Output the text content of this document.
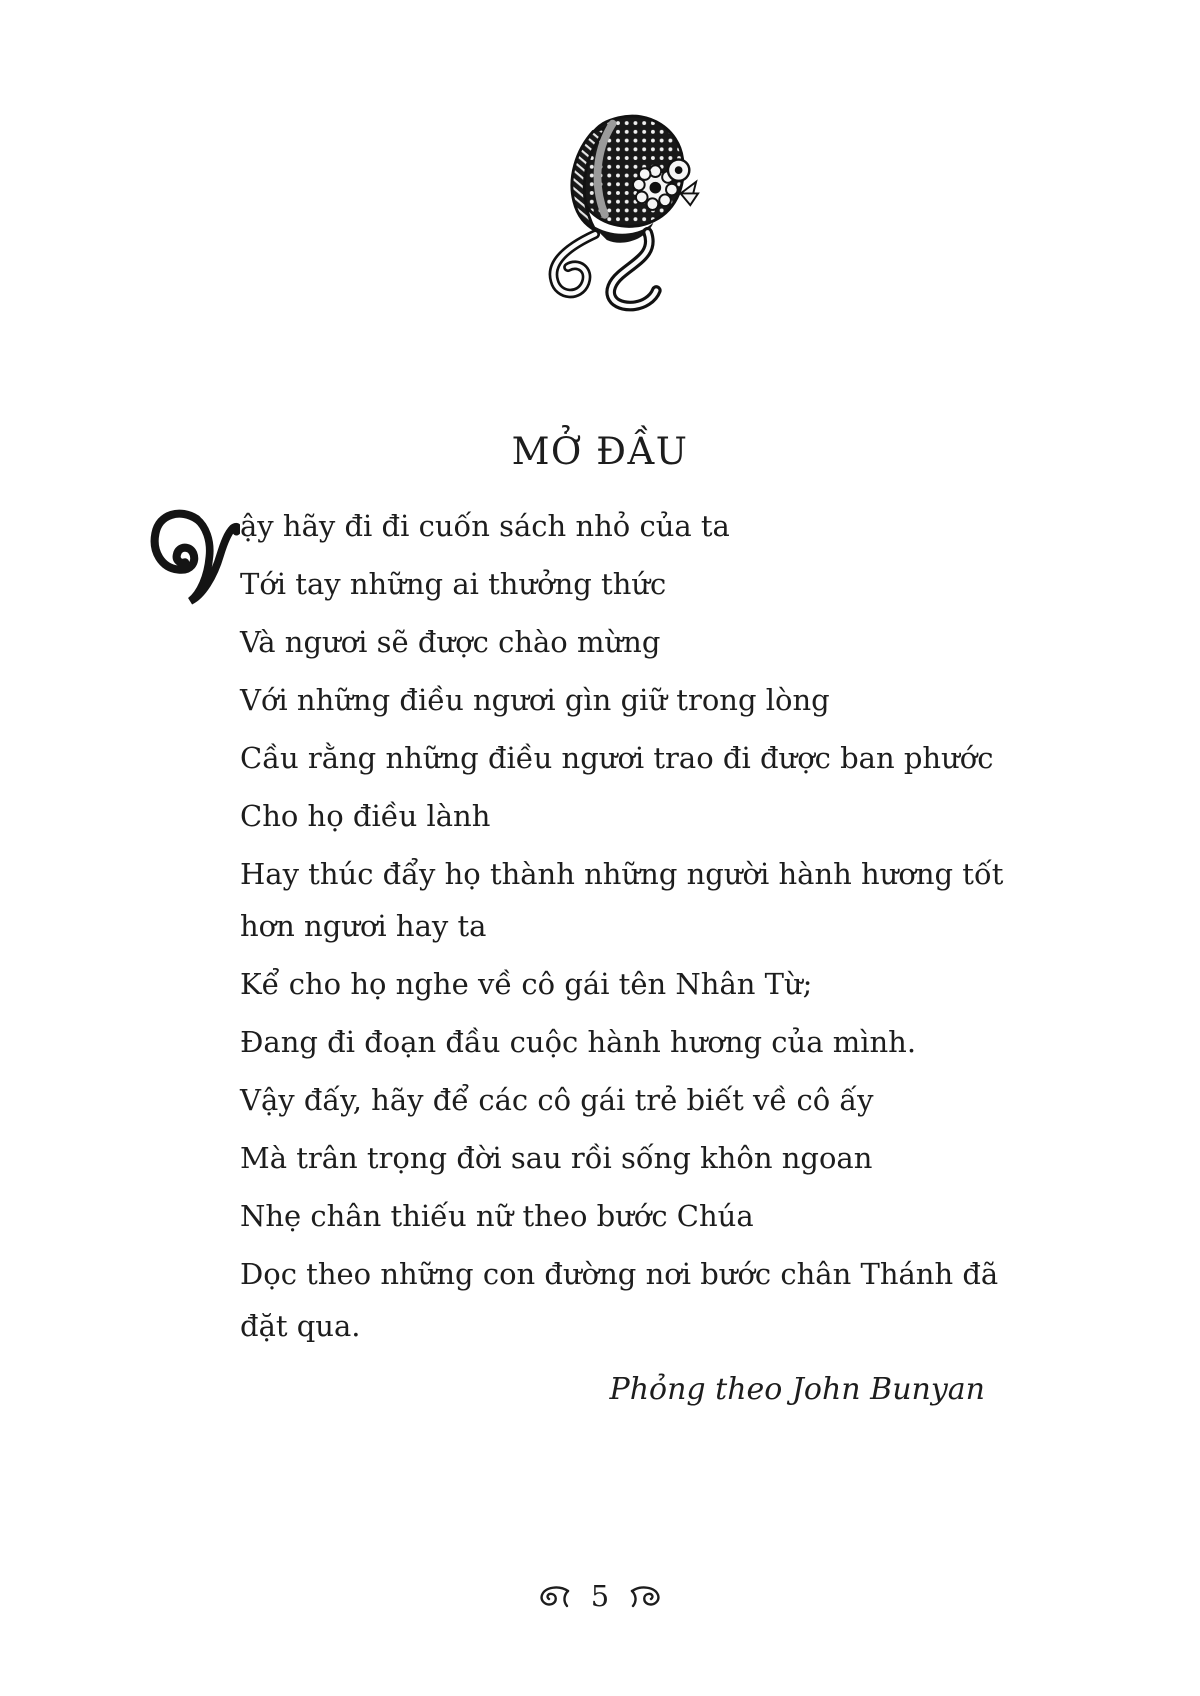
MỞ ĐẦU

ậy hãy đi đi cuốn sách nhỏ của ta

Tới tay những ai thưởng thức

Và ngươi sẽ được chào mừng

Với những điều ngươi gìn giữ trong lòng

Cầu rằng những điều ngươi trao đi được ban phước

Cho họ điều lành

Hay thúc đẩy họ thành những người hành hương tốt hơn ngươi hay ta

Kể cho họ nghe về cô gái tên Nhân Từ;

Đang đi đoạn đầu cuộc hành hương của mình.

Vậy đấy, hãy để các cô gái trẻ biết về cô ấy

Mà trân trọng đời sau rồi sống khôn ngoan

Nhẹ chân thiếu nữ theo bước Chúa

Dọc theo những con đường nơi bước chân Thánh đã đặt qua.

Phỏng theo John Bunyan
5
